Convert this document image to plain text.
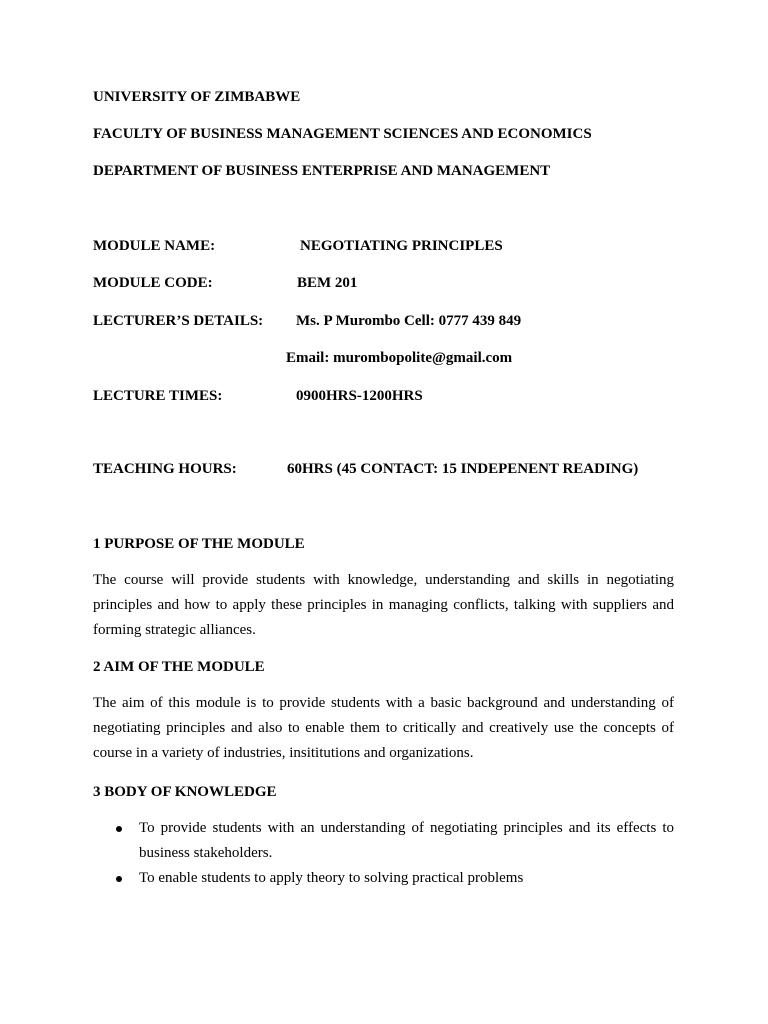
UNIVERSITY OF ZIMBABWE
FACULTY OF BUSINESS MANAGEMENT SCIENCES AND ECONOMICS
DEPARTMENT OF BUSINESS ENTERPRISE AND MANAGEMENT
MODULE NAME:	NEGOTIATING PRINCIPLES
MODULE CODE:	BEM 201
LECTURER’S DETAILS: Ms. P Murombo Cell: 0777 439 849
Email: murombopolite@gmail.com
LECTURE TIMES:	0900HRS-1200HRS
TEACHING HOURS:	60HRS (45 CONTACT: 15 INDEPENENT READING)
1 PURPOSE OF THE MODULE
The course will provide students with knowledge, understanding and skills in negotiating
principles and how to apply these principles in managing conflicts, talking with suppliers and
forming strategic alliances.
2 AIM OF THE MODULE
The aim of this module is to provide students with a basic background and understanding of
negotiating principles and also to enable them to critically and creatively use the concepts of
course in a variety of industries, insititutions and organizations.
3 BODY OF KNOWLEDGE
To provide students with an understanding of negotiating principles and its effects to
business stakeholders.
To enable students to apply theory to solving practical problems
